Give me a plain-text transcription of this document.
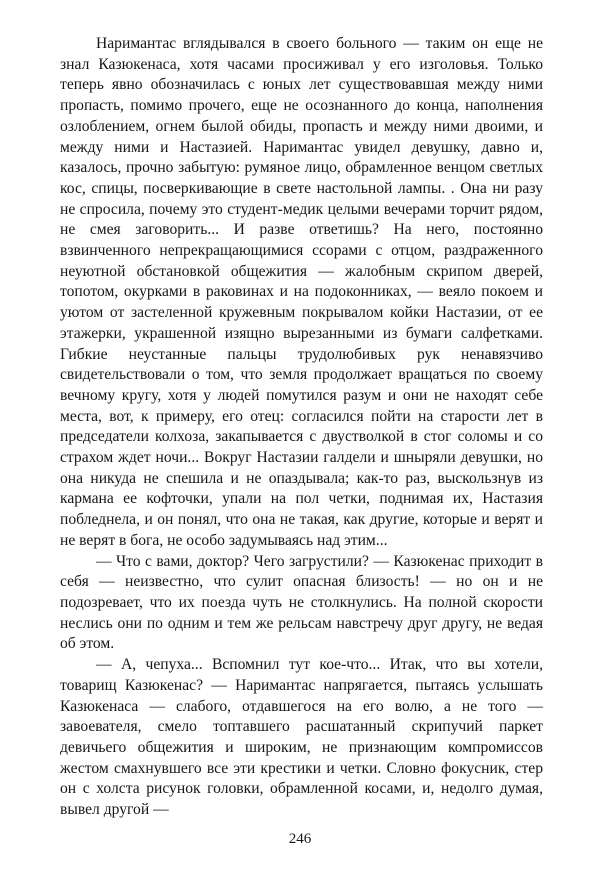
Наримантас вглядывался в своего больного — таким он еще не знал Казюкенаса, хотя часами просиживал у его изголовья. Только теперь явно обозначилась с юных лет существовавшая между ними пропасть, помимо прочего, еще не осознанного до конца, наполнения озлоблением, огнем былой обиды, пропасть и между ними двоими, и между ними и Настазией. Наримантас увидел девушку, давно и, казалось, прочно забытую: румяное лицо, обрамленное венцом светлых кос, спицы, посверкивающие в свете настольной лампы. . Она ни разу не спросила, почему это студент-медик целыми вечерами торчит рядом, не смея заговорить... И разве ответишь? На него, постоянно взвинченного непрекращающимися ссорами с отцом, раздраженного неуютной обстановкой общежития — жалобным скрипом дверей, топотом, окурками в раковинах и на подоконниках, — веяло покоем и уютом от застеленной кружевным покрывалом койки Настазии, от ее этажерки, украшенной изящно вырезанными из бумаги салфетками. Гибкие неустанные пальцы трудолюбивых рук ненавязчиво свидетельствовали о том, что земля продолжает вращаться по своему вечному кругу, хотя у людей помутился разум и они не находят себе места, вот, к примеру, его отец: согласился пойти на старости лет в председатели колхоза, закапывается с двустволкой в стог соломы и со страхом ждет ночи... Вокруг Настазии галдели и шныряли девушки, но она никуда не спешила и не опаздывала; как-то раз, выскользнув из кармана ее кофточки, упали на пол четки, поднимая их, Настазия побледнела, и он понял, что она не такая, как другие, которые и верят и не верят в бога, не особо задумываясь над этим...

— Что с вами, доктор? Чего загрустили? — Казюкенас приходит в себя — неизвестно, что сулит опасная близость! — но он и не подозревает, что их поезда чуть не столкнулись. На полной скорости неслись они по одним и тем же рельсам навстречу друг другу, не ведая об этом.

— А, чепуха... Вспомнил тут кое-что... Итак, что вы хотели, товарищ Казюкенас? — Наримантас напрягается, пытаясь услышать Казюкенаса — слабого, отдавшегося на его волю, а не того — завоевателя, смело топтавшего расшатанный скрипучий паркет девичьего общежития и широким, не признающим компромиссов жестом смахнувшего все эти крестики и четки. Словно фокусник, стер он с холста рисунок головки, обрамленной косами, и, недолго думая, вывел другой —

246
